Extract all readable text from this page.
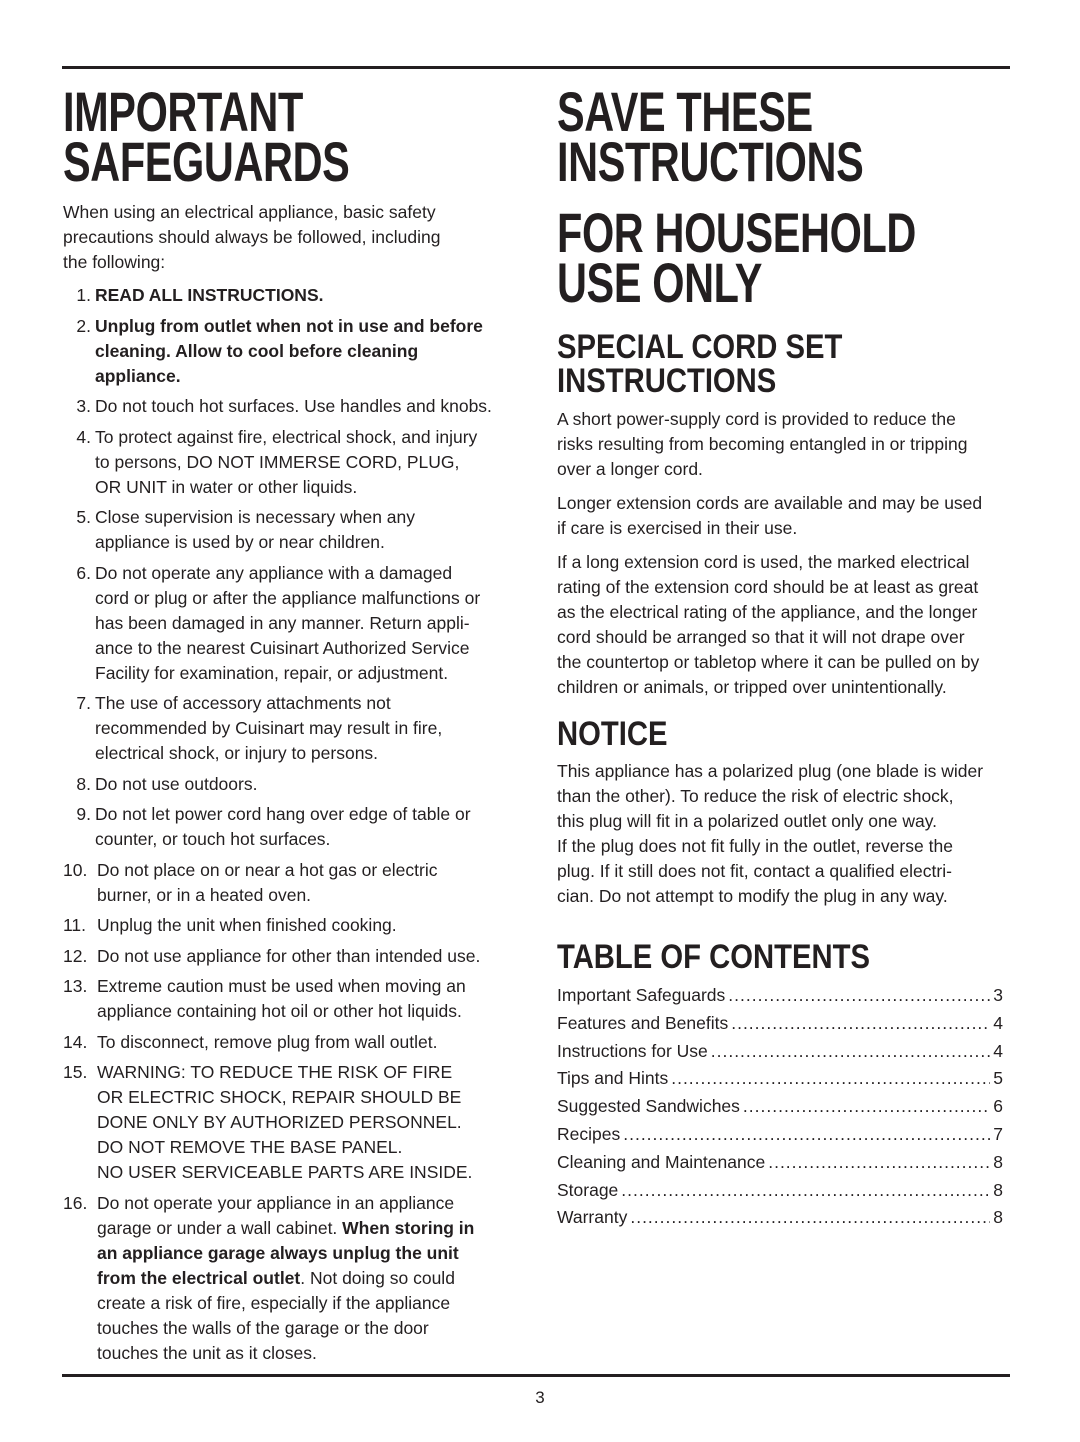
IMPORTANT
SAFEGUARDS
When using an electrical appliance, basic safety
precautions should always be followed, including
the following:
1. READ ALL INSTRUCTIONS.
2. Unplug from outlet when not in use and before
cleaning. Allow to cool before cleaning
appliance.
3. Do not touch hot surfaces. Use handles and knobs.
4. To protect against fire, electrical shock, and injury
to persons, DO NOT IMMERSE CORD, PLUG,
OR UNIT in water or other liquids.
5. Close supervision is necessary when any
appliance is used by or near children.
6. Do not operate any appliance with a damaged
cord or plug or after the appliance malfunctions or
has been damaged in any manner. Return appli-
ance to the nearest Cuisinart Authorized Service
Facility for examination, repair, or adjustment.
7. The use of accessory attachments not
recommended by Cuisinart may result in fire,
electrical shock, or injury to persons.
8. Do not use outdoors.
9. Do not let power cord hang over edge of table or
counter, or touch hot surfaces.
10. Do not place on or near a hot gas or electric
burner, or in a heated oven.
11. Unplug the unit when finished cooking.
12. Do not use appliance for other than intended use.
13. Extreme caution must be used when moving an
appliance containing hot oil or other hot liquids.
14. To disconnect, remove plug from wall outlet.
15. WARNING: TO REDUCE THE RISK OF FIRE
OR ELECTRIC SHOCK, REPAIR SHOULD BE
DONE ONLY BY AUTHORIZED PERSONNEL.
DO NOT REMOVE THE BASE PANEL.
NO USER SERVICEABLE PARTS ARE INSIDE.
16. Do not operate your appliance in an appliance
garage or under a wall cabinet. When storing in
an appliance garage always unplug the unit
from the electrical outlet. Not doing so could
create a risk of fire, especially if the appliance
touches the walls of the garage or the door
touches the unit as it closes.
SAVE THESE
INSTRUCTIONS
FOR HOUSEHOLD
USE ONLY
SPECIAL CORD SET
INSTRUCTIONS
A short power-supply cord is provided to reduce the
risks resulting from becoming entangled in or tripping
over a longer cord.
Longer extension cords are available and may be used
if care is exercised in their use.
If a long extension cord is used, the marked electrical
rating of the extension cord should be at least as great
as the electrical rating of the appliance, and the longer
cord should be arranged so that it will not drape over
the countertop or tabletop where it can be pulled on by
children or animals, or tripped over unintentionally.
NOTICE
This appliance has a polarized plug (one blade is wider
than the other). To reduce the risk of electric shock,
this plug will fit in a polarized outlet only one way.
If the plug does not fit fully in the outlet, reverse the
plug. If it still does not fit, contact a qualified electri-
cian. Do not attempt to modify the plug in any way.
TABLE OF CONTENTS
Important Safeguards .....	3
Features and Benefits .....	4
Instructions for Use .....	4
Tips and Hints .....	5
Suggested Sandwiches .....	6
Recipes .....	7
Cleaning and Maintenance .....	8
Storage .....	8
Warranty .....	8
3
